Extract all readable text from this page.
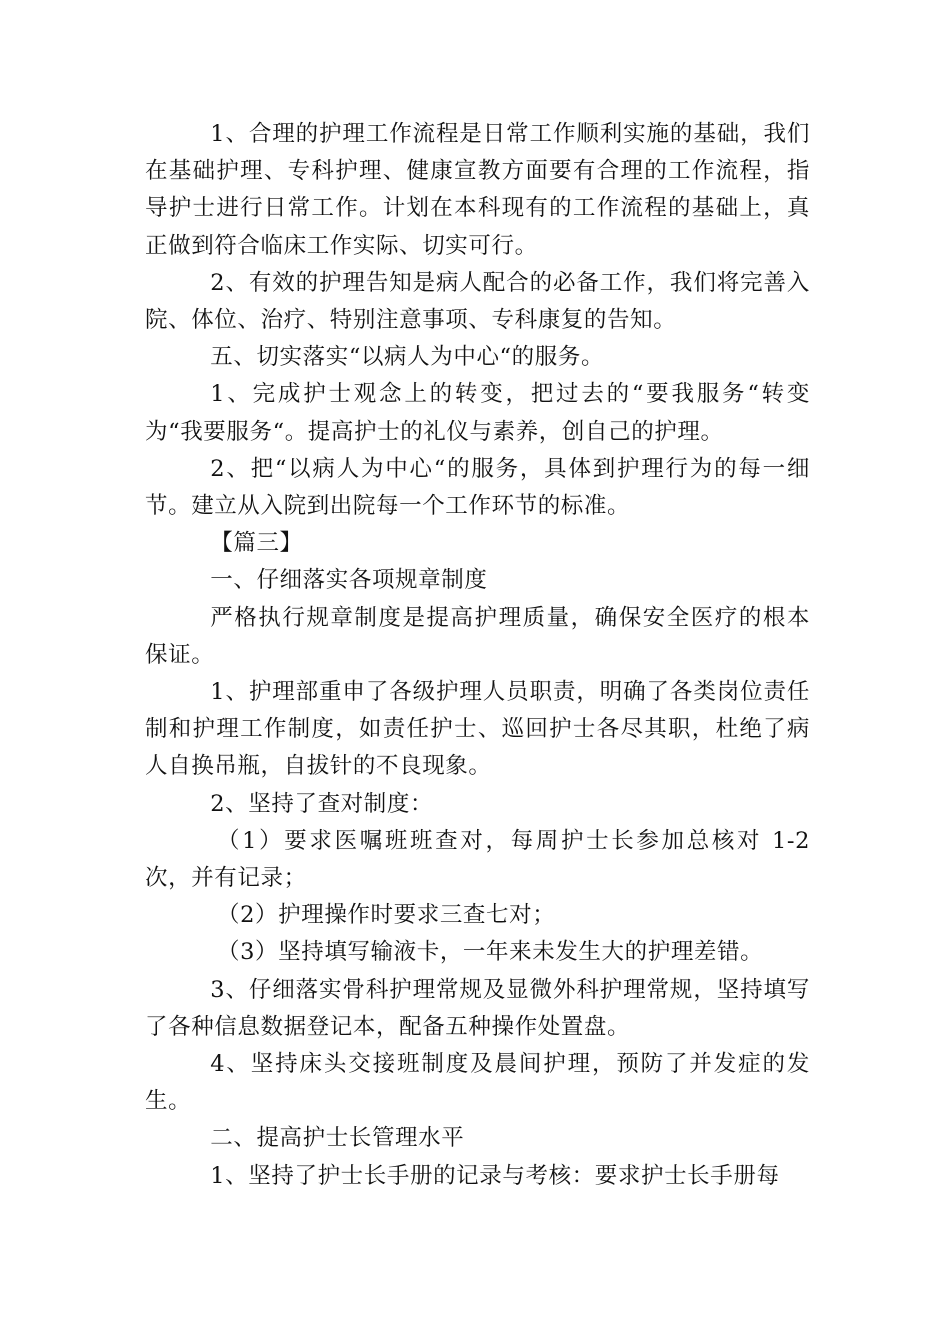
1、合理的护理工作流程是日常工作顺利实施的基础，我们在基础护理、专科护理、健康宣教方面要有合理的工作流程，指导护士进行日常工作。计划在本科现有的工作流程的基础上，真正做到符合临床工作实际、切实可行。

2、有效的护理告知是病人配合的必备工作，我们将完善入院、体位、治疗、特别注意事项、专科康复的告知。

五、切实落实“以病人为中心“的服务。

1、完成护士观念上的转变，把过去的“要我服务“转变为“我要服务“。提高护士的礼仪与素养，创自己的护理。

2、把“以病人为中心“的服务，具体到护理行为的每一细节。建立从入院到出院每一个工作环节的标准。

【篇三】

一、仔细落实各项规章制度

严格执行规章制度是提高护理质量，确保安全医疗的根本保证。

1、护理部重申了各级护理人员职责，明确了各类岗位责任制和护理工作制度，如责任护士、巡回护士各尽其职，杜绝了病人自换吊瓶，自拔针的不良现象。

2、坚持了查对制度：

（1）要求医嘱班班查对，每周护士长参加总核对 1-2 次，并有记录；

（2）护理操作时要求三查七对；

（3）坚持填写输液卡，一年来未发生大的护理差错。

3、仔细落实骨科护理常规及显微外科护理常规，坚持填写了各种信息数据登记本，配备五种操作处置盘。

4、坚持床头交接班制度及晨间护理，预防了并发症的发生。

二、提高护士长管理水平

1、坚持了护士长手册的记录与考核：要求护士长手册每
